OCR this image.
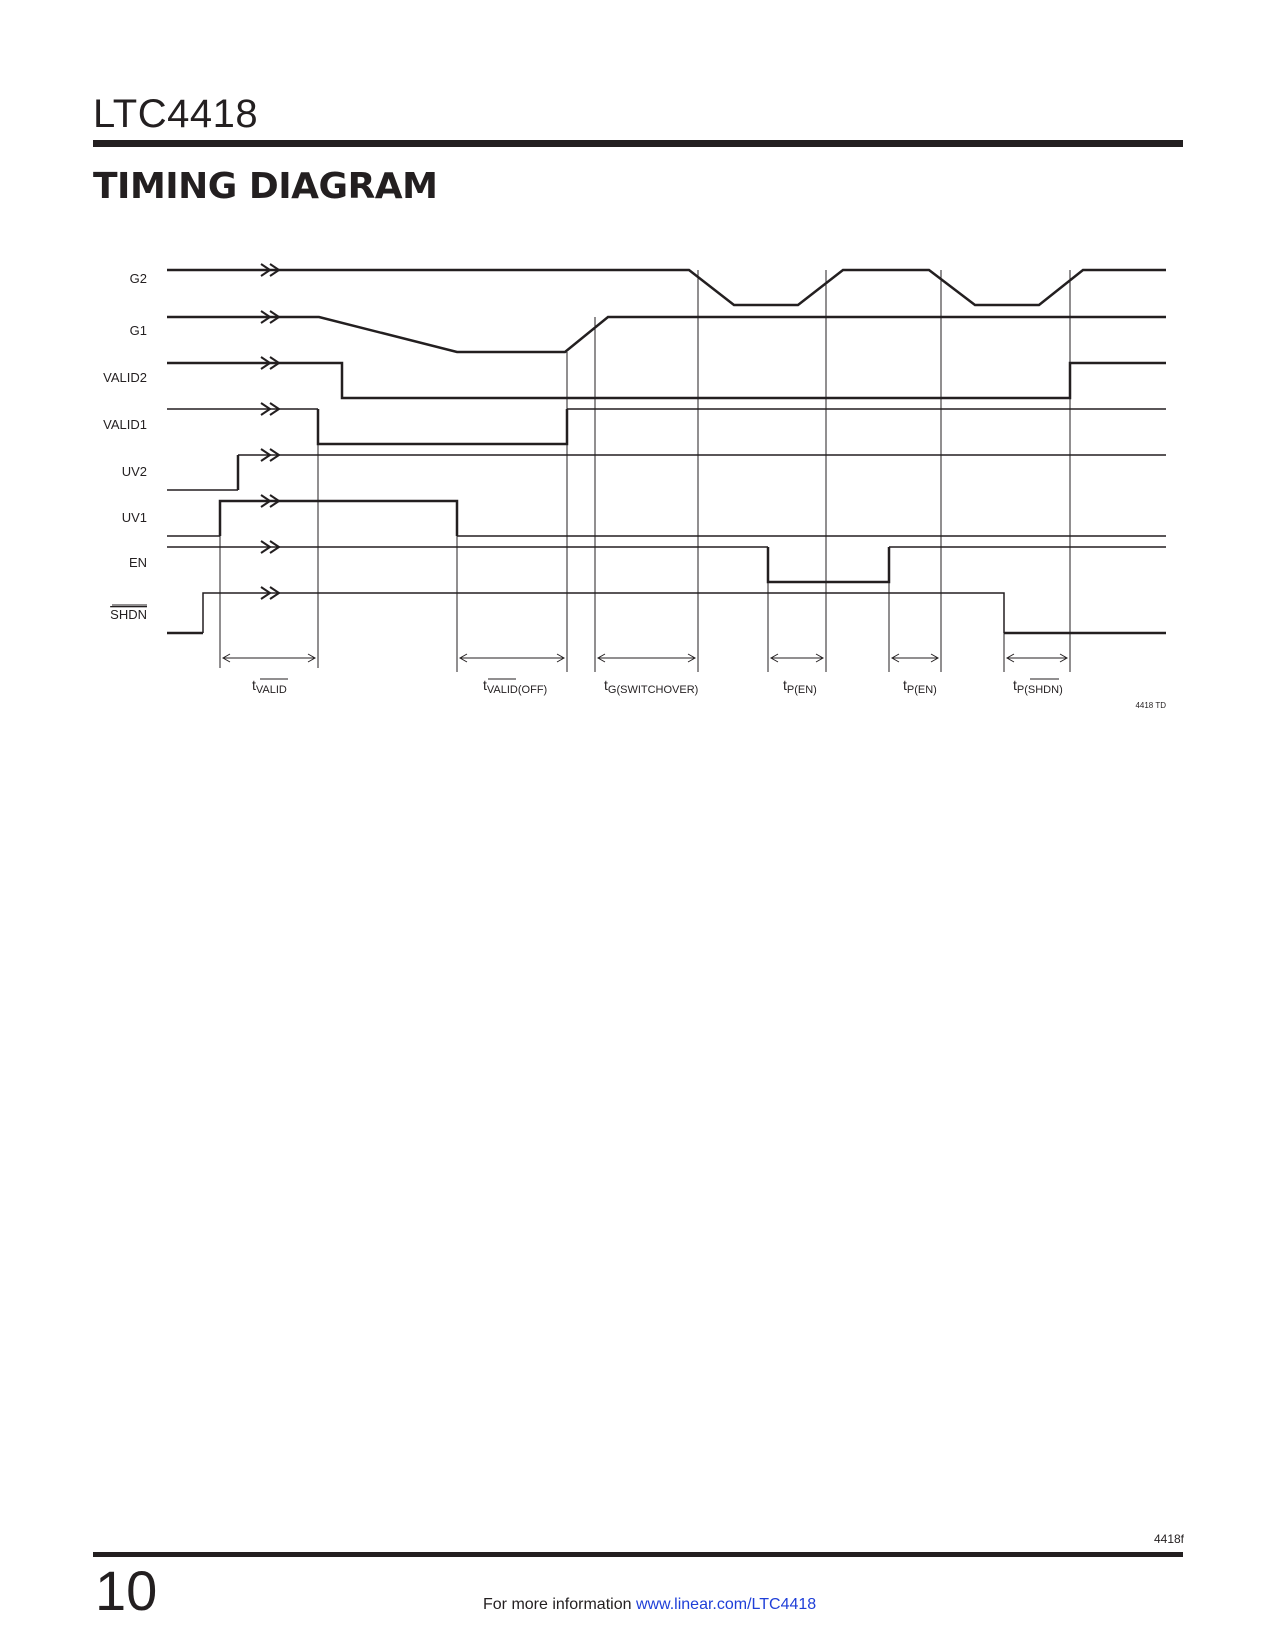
LTC4418
TIMING DIAGRAM
G2
G1
VALID2
VALID1
UV2
UV1
EN
SHDN
$t_{VALID}$	$t_{VALID}(OFF)$	$t_{G(SWITCHOVER)}$	$t_{P(EN)}$	$t_{P(EN)}$	$t_{P(}SHDN$)
4418 TD
4418f
10	For more information www.linear.com/LTC4418
